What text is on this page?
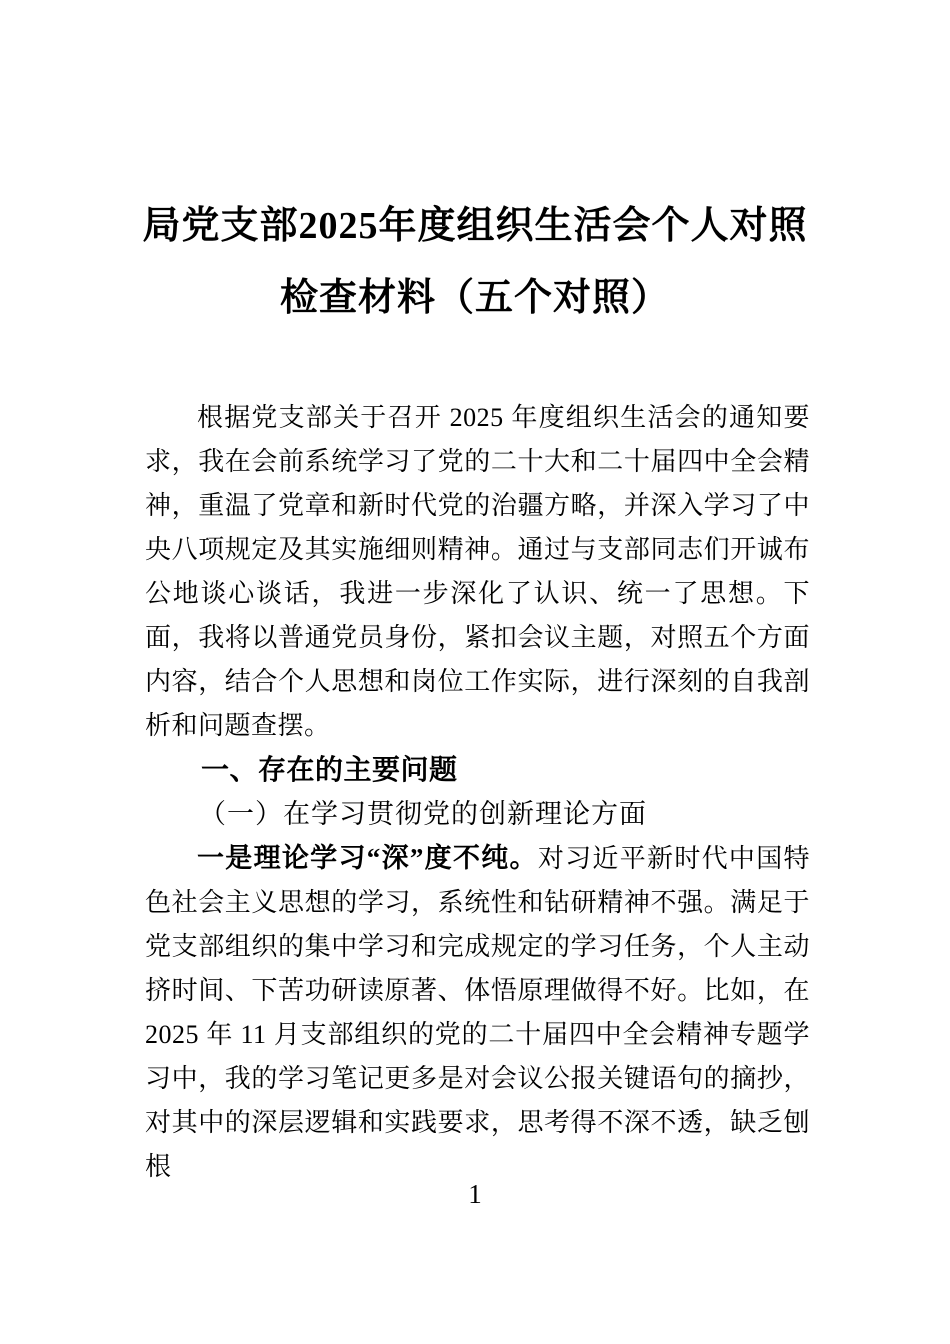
局党支部2025年度组织生活会个人对照检查材料（五个对照）

根据党支部关于召开 2025 年度组织生活会的通知要求，我在会前系统学习了党的二十大和二十届四中全会精神，重温了党章和新时代党的治疆方略，并深入学习了中央八项规定及其实施细则精神。通过与支部同志们开诚布公地谈心谈话，我进一步深化了认识、统一了思想。下面，我将以普通党员身份，紧扣会议主题，对照五个方面内容，结合个人思想和岗位工作实际，进行深刻的自我剖析和问题查摆。

一、存在的主要问题
（一）在学习贯彻党的创新理论方面

一是理论学习“深”度不纯。对习近平新时代中国特色社会主义思想的学习，系统性和钻研精神不强。满足于党支部组织的集中学习和完成规定的学习任务，个人主动挤时间、下苦功研读原著、体悟原理做得不好。比如，在 2025 年 11 月支部组织的党的二十届四中全会精神专题学习中，我的学习笔记更多是对会议公报关键语句的摘抄，对其中的深层逻辑和实践要求，思考得不深不透，缺乏刨根

1
